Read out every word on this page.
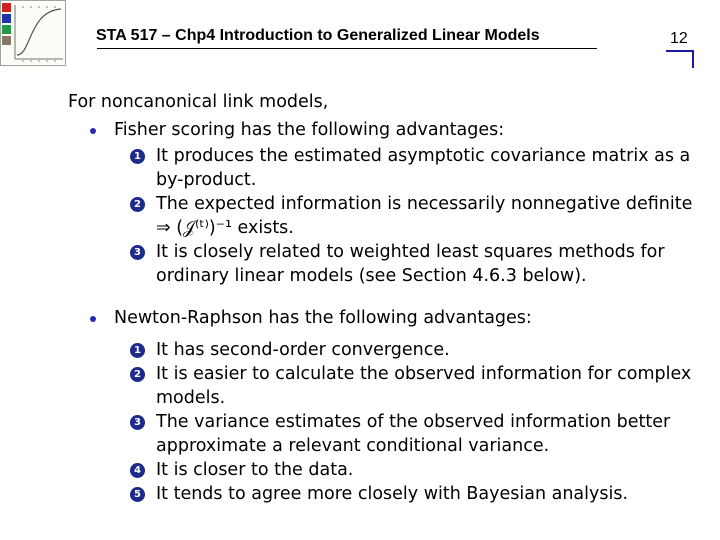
STA 517 – Chp4 Introduction to Generalized Linear Models	12

For noncanonical link models,

Fisher scoring has the following advantages:
1 It produces the estimated asymptotic covariance matrix as a
by-product.
2 The expected information is necessarily nonnegative definite
⇒ (𝒥⁽ᵗ⁾)⁻¹ exists.
3 It is closely related to weighted least squares methods for
ordinary linear models (see Section 4.6.3 below).
Newton-Raphson has the following advantages:
1 It has second-order convergence.
2 It is easier to calculate the observed information for complex
models.
3 The variance estimates of the observed information better
approximate a relevant conditional variance.
4 It is closer to the data.
5 It tends to agree more closely with Bayesian analysis.
